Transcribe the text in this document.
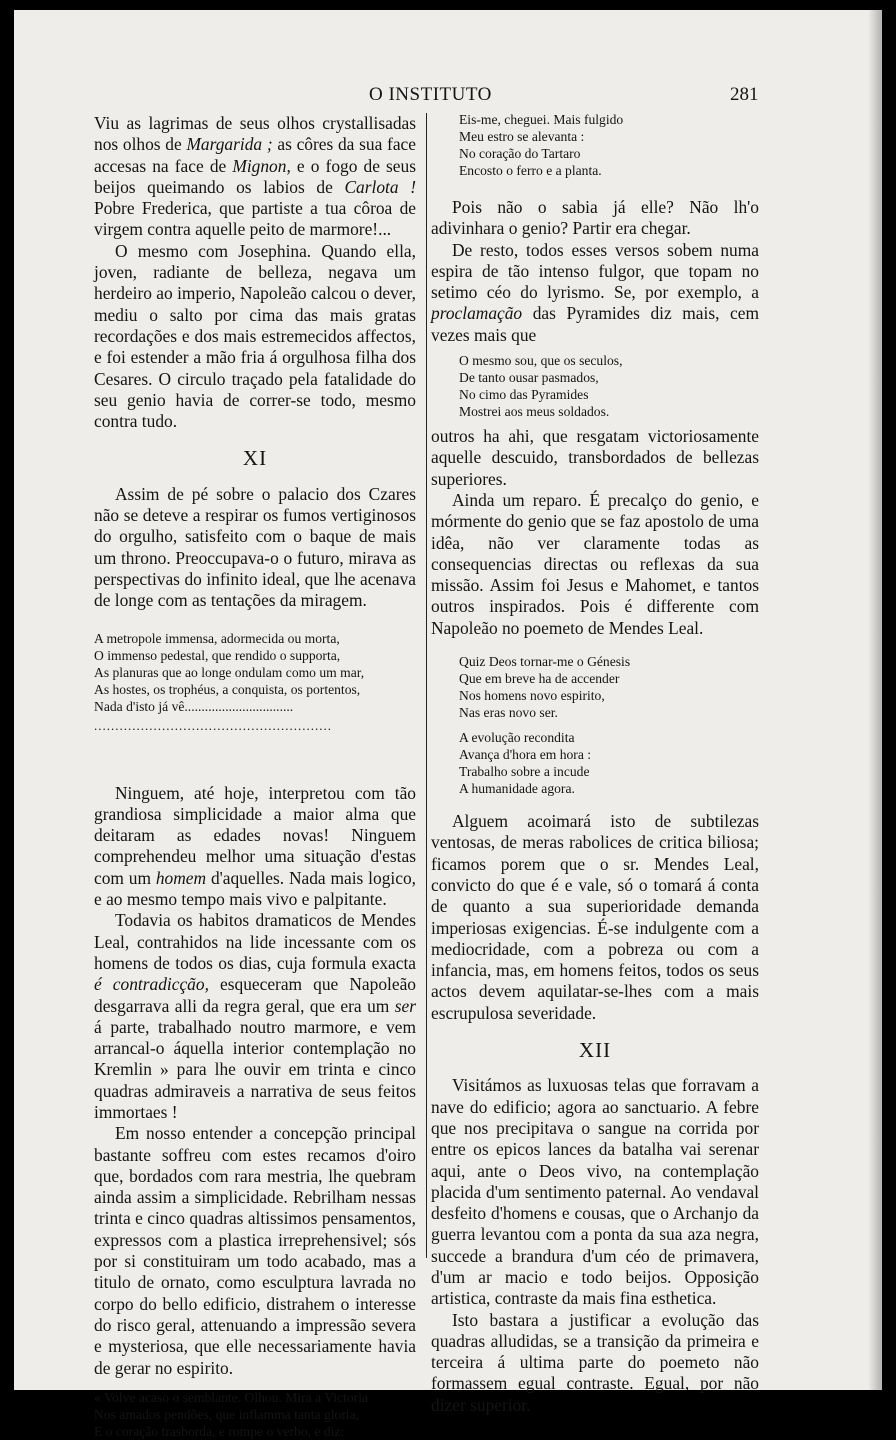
O INSTITUTO	281

Viu as lagrimas de seus olhos crystallisadas nos olhos de Margarida ; as côres da sua face accesas na face de Mignon, e o fogo de seus beijos queimando os labios de Carlota ! Pobre Frederica, que partiste a tua côroa de virgem contra aquelle peito de marmore!...

O mesmo com Josephina. Quando ella, joven, radiante de belleza, negava um herdeiro ao imperio, Napoleão calcou o dever, mediu o salto por cima das mais gratas recordações e dos mais estremecidos affectos, e foi estender a mão fria á orgulhosa filha dos Cesares. O circulo traçado pela fatalidade do seu genio havia de correr-se todo, mesmo contra tudo.

XI

Assim de pé sobre o palacio dos Czares não se deteve a respirar os fumos vertiginosos do orgulho, satisfeito com o baque de mais um throno. Preoccupava-o o futuro, mirava as perspectivas do infinito ideal, que lhe acenava de longe com as tentações da miragem.

A metropole immensa, adormecida ou morta,
O immenso pedestal, que rendido o supporta,
As planuras que ao longe ondulam como um mar,
As hostes, os trophéus, a conquista, os portentos,
Nada d'isto já vê................................
........................................................

Ninguem, até hoje, interpretou com tão grandiosa simplicidade a maior alma que deitaram as edades novas! Ninguem comprehendeu melhor uma situação d'estas com um homem d'aquelles. Nada mais logico, e ao mesmo tempo mais vivo e palpitante.

Todavia os habitos dramaticos de Mendes Leal, contrahidos na lide incessante com os homens de todos os dias, cuja formula exacta é contradicção, esqueceram que Napoleão desgarrava alli da regra geral, que era um ser á parte, trabalhado noutro marmore, e vem arrancal-o áquella interior contemplação no Kremlin » para lhe ouvir em trinta e cinco quadras admiraveis a narrativa de seus feitos immortaes !

Em nosso entender a concepção principal bastante soffreu com estes recamos d'oiro que, bordados com rara mestria, lhe quebram ainda assim a simplicidade. Rebrilham nessas trinta e cinco quadras altissimos pensamentos, expressos com a plastica irreprehensivel; sós por si constituiram um todo acabado, mas a titulo de ornato, como esculptura lavrada no corpo do bello edificio, distrahem o interesse do risco geral, attenuando a impressão severa e mysteriosa, que elle necessariamente havia de gerar no espirito.

« Volve acaso o semblante. Olhou. Mira a Victoria
Nos amados pendões, que inflamma tanta gloria,
E o coração trasborda, e rompe o verbo, e diz:
Eis-me, cheguei. Mais fulgido
Meu estro se alevanta :
No coração do Tartaro
Encosto o ferro e a planta.

Pois não o sabia já elle? Não lh'o adivinhara o genio? Partir era chegar.

De resto, todos esses versos sobem numa espira de tão intenso fulgor, que topam no setimo céo do lyrismo. Se, por exemplo, a proclamação das Pyramides diz mais, cem vezes mais que

O mesmo sou, que os seculos,
De tanto ousar pasmados,
No cimo das Pyramides
Mostrei aos meus soldados.

outros ha ahi, que resgatam victoriosamente aquelle descuido, transbordados de bellezas superiores.

Ainda um reparo. É precalço do genio, e mórmente do genio que se faz apostolo de uma idêa, não ver claramente todas as consequencias directas ou reflexas da sua missão. Assim foi Jesus e Mahomet, e tantos outros inspirados. Pois é differente com Napoleão no poemeto de Mendes Leal.

Quiz Deos tornar-me o Génesis
Que em breve ha de accender
Nos homens novo espirito,
Nas eras novo ser.
A evolução recondita
Avança d'hora em hora :
Trabalho sobre a incude
A humanidade agora.

Alguem acoimará isto de subtilezas ventosas, de meras rabolices de critica biliosa; ficamos porem que o sr. Mendes Leal, convicto do que é e vale, só o tomará á conta de quanto a sua superioridade demanda imperiosas exigencias. É-se indulgente com a mediocridade, com a pobreza ou com a infancia, mas, em homens feitos, todos os seus actos devem aquilatar-se-lhes com a mais escrupulosa severidade.

XII

Visitámos as luxuosas telas que forravam a nave do edificio; agora ao sanctuario. A febre que nos precipitava o sangue na corrida por entre os epicos lances da batalha vai serenar aqui, ante o Deos vivo, na contemplação placida d'um sentimento paternal. Ao vendaval desfeito d'homens e cousas, que o Archanjo da guerra levantou com a ponta da sua aza negra, succede a brandura d'um céo de primavera, d'um ar macio e todo beijos. Opposição artistica, contraste da mais fina esthetica.

Isto bastara a justificar a evolução das quadras alludidas, se a transição da primeira e terceira á ultima parte do poemeto não formassem egual contraste. Egual, por não dizer superior.
